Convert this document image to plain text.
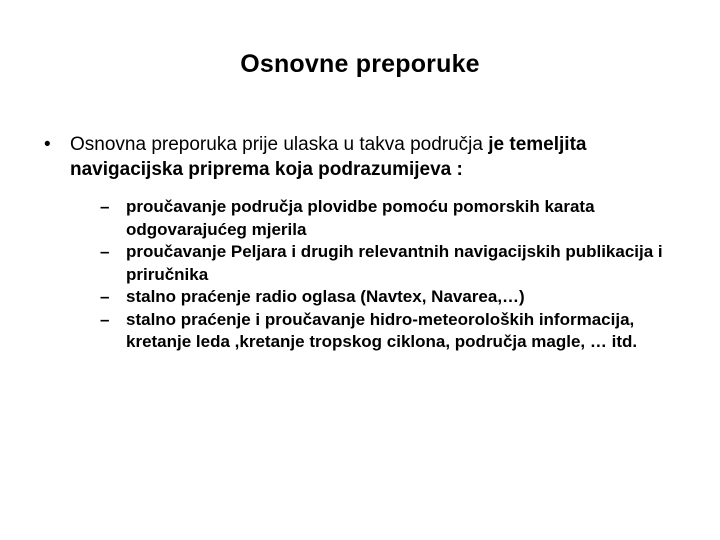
Osnovne preporuke
• Osnovna preporuka prije ulaska u takva područja je temeljita navigacijska priprema koja podrazumijeva :
– proučavanje područja plovidbe pomoću pomorskih karata odgovarajućeg mjerila
– proučavanje Peljara i drugih relevantnih navigacijskih publikacija i priručnika
– stalno praćenje radio oglasa (Navtex, Navarea,…)
– stalno praćenje i proučavanje hidro-meteoroloških informacija, kretanje leda ,kretanje tropskog ciklona, područja magle, … itd.
